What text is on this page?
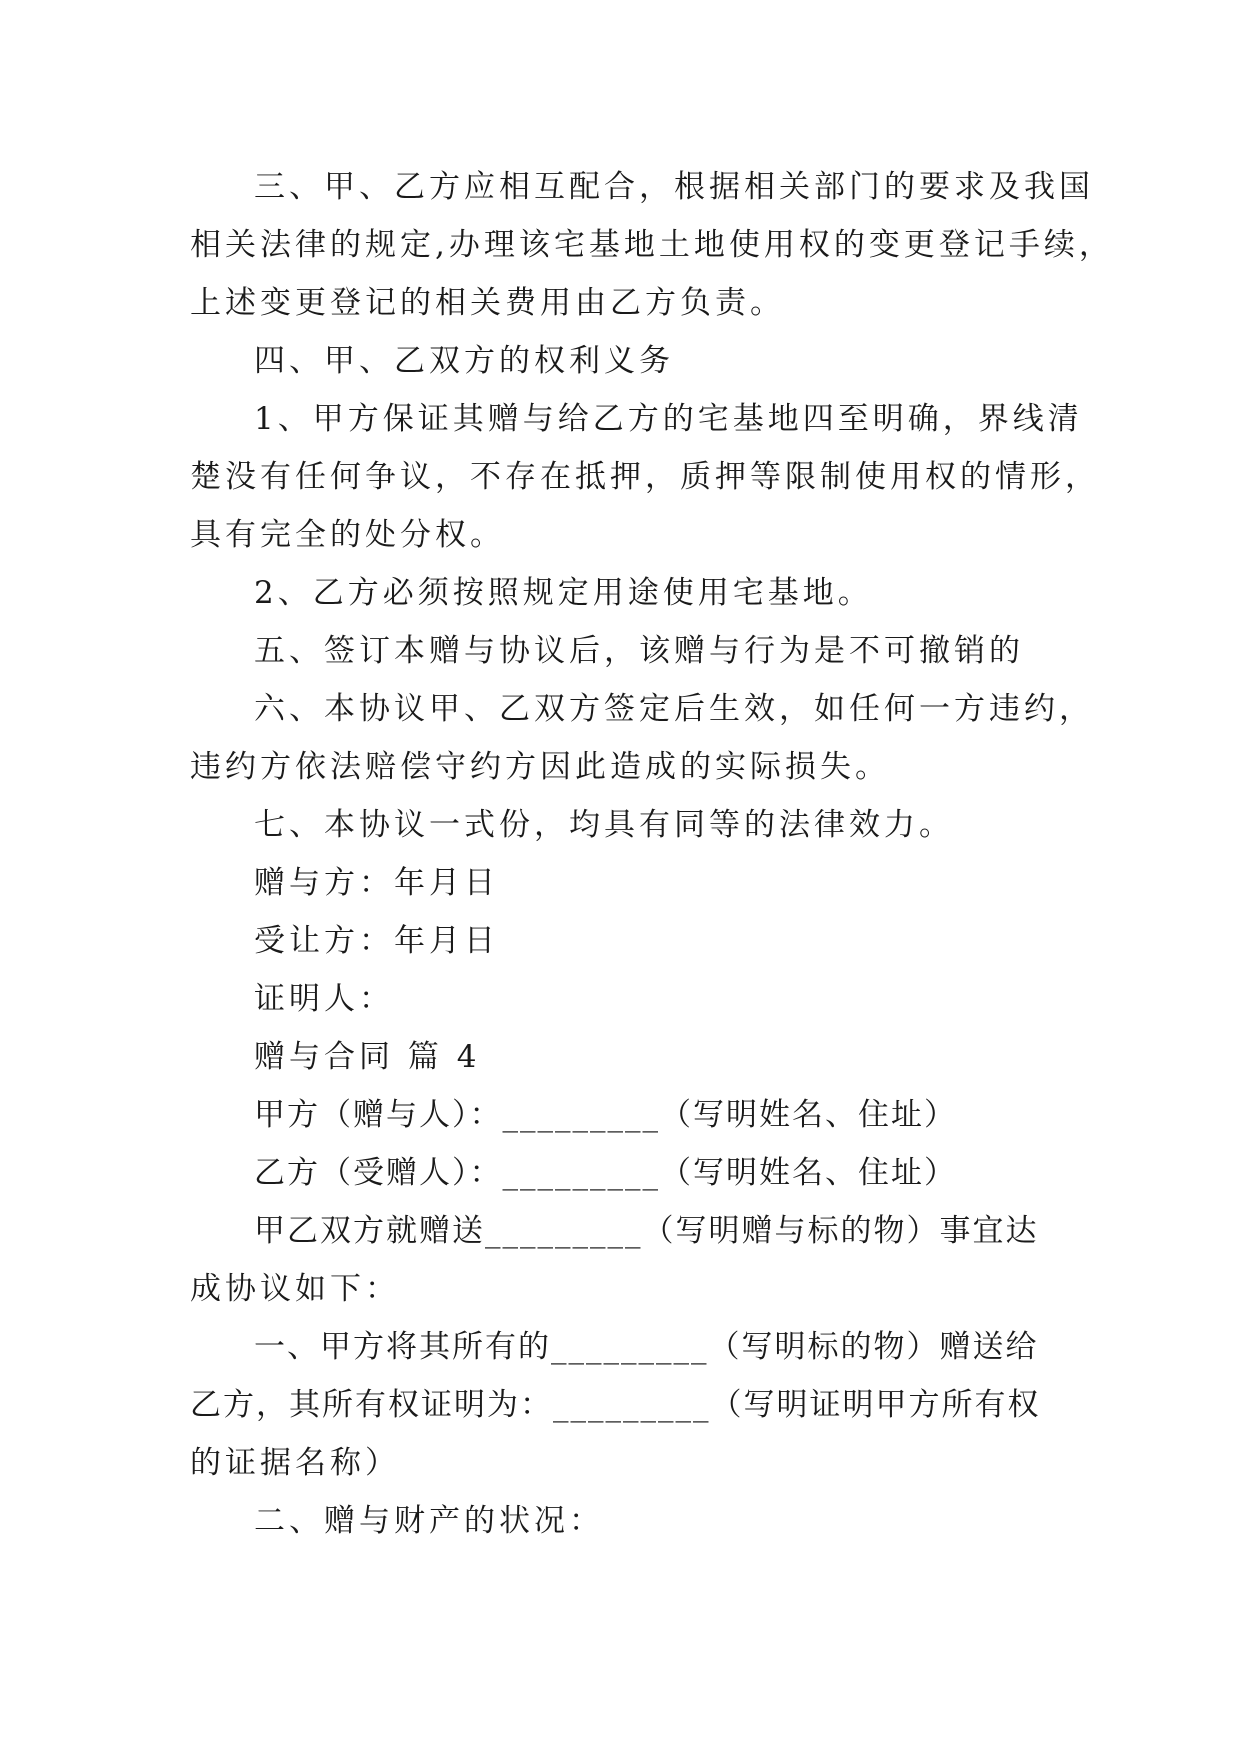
三、甲、乙方应相互配合，根据相关部门的要求及我国
相关法律的规定,办理该宅基地土地使用权的变更登记手续，
上述变更登记的相关费用由乙方负责。
四、甲、乙双方的权利义务
1、甲方保证其赠与给乙方的宅基地四至明确，界线清
楚没有任何争议，不存在抵押，质押等限制使用权的情形，
具有完全的处分权。
2、乙方必须按照规定用途使用宅基地。
五、签订本赠与协议后，该赠与行为是不可撤销的
六、本协议甲、乙双方签定后生效，如任何一方违约，
违约方依法赔偿守约方因此造成的实际损失。
七、本协议一式份，均具有同等的法律效力。
赠与方：年月日
受让方：年月日
证明人：
赠与合同 篇 4
甲方（赠与人）：_________（写明姓名、住址）
乙方（受赠人）：_________（写明姓名、住址）
甲乙双方就赠送_________（写明赠与标的物）事宜达
成协议如下：
一、甲方将其所有的_________（写明标的物）赠送给
乙方，其所有权证明为：_________（写明证明甲方所有权
的证据名称）
二、赠与财产的状况：
